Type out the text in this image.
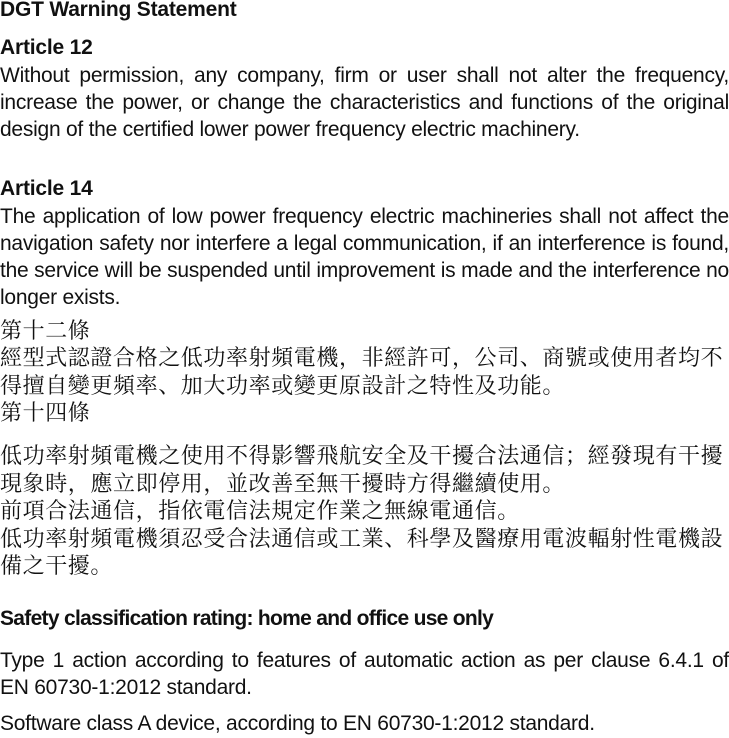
DGT Warning Statement
Article 12

Without permission, any company, firm or user shall not alter the frequency, increase the power, or change the characteristics and functions of the original design of the certified lower power frequency electric machinery.

Article 14

The application of low power frequency electric machineries shall not affect the navigation safety nor interfere a legal communication, if an interference is found, the service will be suspended until improvement is made and the interference no longer exists.

第十二條
經型式認證合格之低功率射頻電機，非經許可，公司、商號或使用者均不得擅自變更頻率、加大功率或變更原設計之特性及功能。
第十四條
低功率射頻電機之使用不得影響飛航安全及干擾合法通信；經發現有干擾現象時，應立即停用，並改善至無干擾時方得繼續使用。
前項合法通信，指依電信法規定作業之無線電通信。
低功率射頻電機須忍受合法通信或工業、科學及醫療用電波輻射性電機設備之干擾。
Safety classification rating: home and office use only

Type 1 action according to features of automatic action as per clause 6.4.1 of EN 60730-1:2012 standard.

Software class A device, according to EN 60730-1:2012 standard.
